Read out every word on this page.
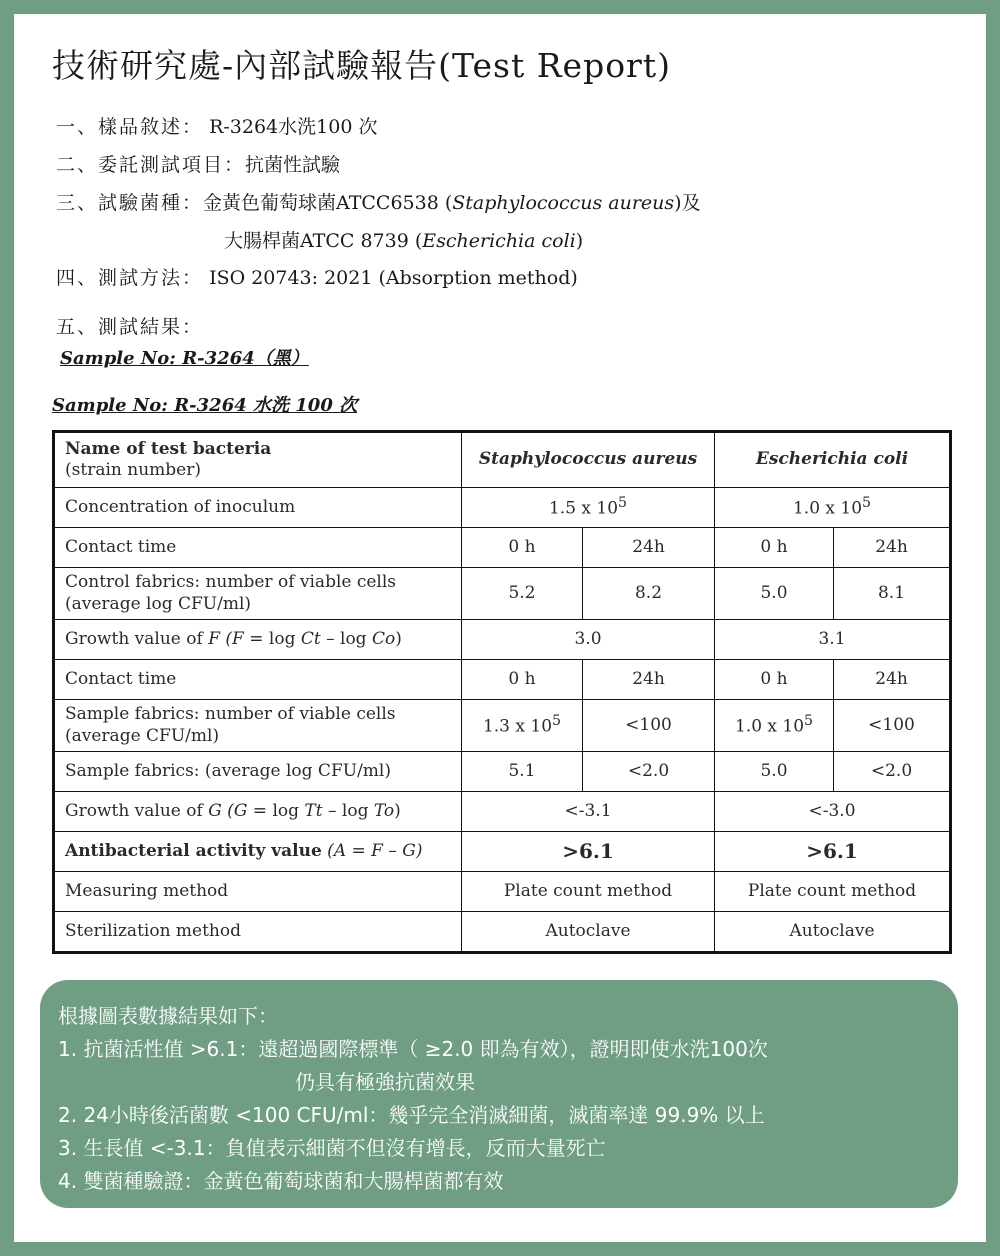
技術研究處-內部試驗報告(Test Report)
一、樣品敘述： R-3264水洗100 次
二、委託測試項目：抗菌性試驗
三、試驗菌種：金黃色葡萄球菌ATCC6538 (Staphylococcus aureus)及
大腸桿菌ATCC 8739 (Escherichia coli)
四、測試方法： ISO 20743: 2021 (Absorption method)
五、測試結果：
Sample No: R-3264（黑）
Sample No: R-3264 水洗 100 次
Name of test bacteria
(strain number)	Staphylococcus aureus		Escherichia coli	
Concentration of inoculum	1.5 x $10^5$		1.0 x $10^5$
Contact time	0 h	24h	0 h	24h

Control fabrics: number of viable cells
(average log CFU/ml)	5.2	8.2	5.0	8.1
Growth value of F (F = log Ct – log Co)	3.0		3.1	
Contact time	0 h	24h	0 h	24h

Sample fabrics: number of viable cells
(average CFU/ml)	1.3 x $10^5$	<100	1.0 x $10^5$	<100
Sample fabrics: (average log CFU/ml)	5.1	<2.0	5.0	<2.0
Growth value of G (G = log Tt – log To)	<-3.1		<-3.0	
Antibacterial activity value (A = F – G)	>6.1		>6.1	
Measuring method	Plate count method		Plate count method	
Sterilization method	Autoclave		Autoclave	
根據圖表數據結果如下：
1. 抗菌活性值 >6.1：遠超過國際標準（ ≥2.0 即為有效），證明即使水洗100次
仍具有極強抗菌效果
2. 24小時後活菌數 <100 CFU/ml：幾乎完全消滅細菌，滅菌率達 99.9% 以上
3. 生長值 <-3.1：負值表示細菌不但沒有增長，反而大量死亡
4. 雙菌種驗證：金黃色葡萄球菌和大腸桿菌都有效
